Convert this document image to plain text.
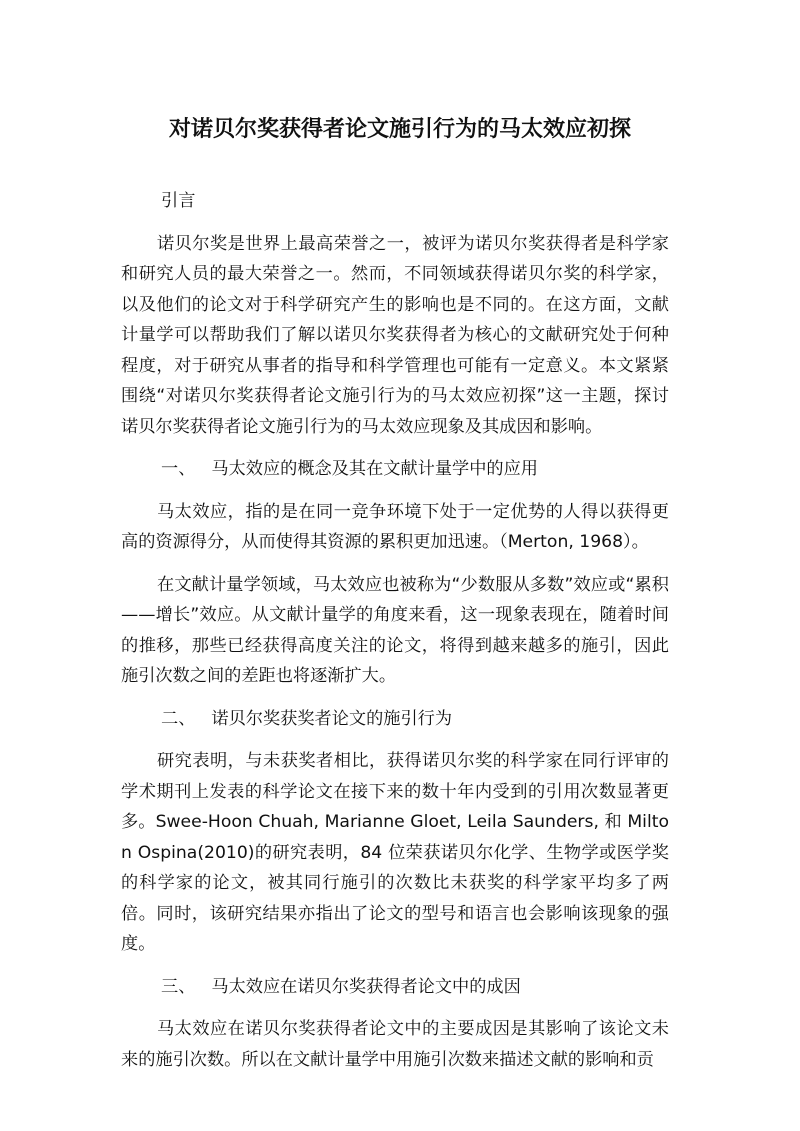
对诺贝尔奖获得者论文施引行为的马太效应初探
引言

诺贝尔奖是世界上最高荣誉之一，被评为诺贝尔奖获得者是科学家和研究人员的最大荣誉之一。然而，不同领域获得诺贝尔奖的科学家，以及他们的论文对于科学研究产生的影响也是不同的。在这方面，文献计量学可以帮助我们了解以诺贝尔奖获得者为核心的文献研究处于何种程度，对于研究从事者的指导和科学管理也可能有一定意义。本文紧紧围绕“对诺贝尔奖获得者论文施引行为的马太效应初探”这一主题，探讨诺贝尔奖获得者论文施引行为的马太效应现象及其成因和影响。

一、 马太效应的概念及其在文献计量学中的应用

马太效应，指的是在同一竞争环境下处于一定优势的人得以获得更高的资源得分，从而使得其资源的累积更加迅速。（Merton, 1968）。

在文献计量学领域，马太效应也被称为“少数服从多数”效应或“累积——增长”效应。从文献计量学的角度来看，这一现象表现在，随着时间的推移，那些已经获得高度关注的论文，将得到越来越多的施引，因此施引次数之间的差距也将逐渐扩大。

二、 诺贝尔奖获奖者论文的施引行为

研究表明，与未获奖者相比，获得诺贝尔奖的科学家在同行评审的学术期刊上发表的科学论文在接下来的数十年内受到的引用次数显著更多。Swee-Hoon Chuah, Marianne Gloet, Leila Saunders, 和 Milton Ospina(2010)的研究表明，84 位荣获诺贝尔化学、生物学或医学奖的科学家的论文，被其同行施引的次数比未获奖的科学家平均多了两倍。同时，该研究结果亦指出了论文的型号和语言也会影响该现象的强度。

三、 马太效应在诺贝尔奖获得者论文中的成因

马太效应在诺贝尔奖获得者论文中的主要成因是其影响了该论文未来的施引次数。所以在文献计量学中用施引次数来描述文献的影响和贡
